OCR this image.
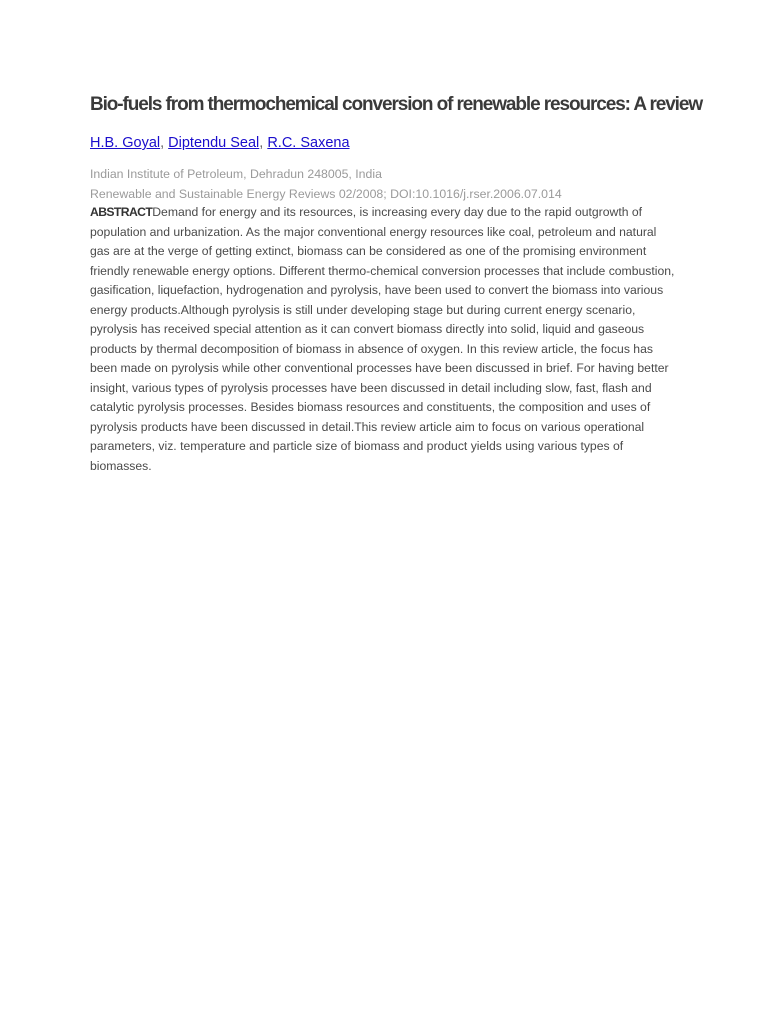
Bio-fuels from thermochemical conversion of renewable resources: A review
H.B. Goyal, Diptendu Seal, R.C. Saxena
Indian Institute of Petroleum, Dehradun 248005, India
Renewable and Sustainable Energy Reviews 02/2008; DOI:10.1016/j.rser.2006.07.014

ABSTRACTDemand for energy and its resources, is increasing every day due to the rapid outgrowth of population and urbanization. As the major conventional energy resources like coal, petroleum and natural gas are at the verge of getting extinct, biomass can be considered as one of the promising environment friendly renewable energy options. Different thermo-chemical conversion processes that include combustion, gasification, liquefaction, hydrogenation and pyrolysis, have been used to convert the biomass into various energy products.Although pyrolysis is still under developing stage but during current energy scenario, pyrolysis has received special attention as it can convert biomass directly into solid, liquid and gaseous products by thermal decomposition of biomass in absence of oxygen. In this review article, the focus has been made on pyrolysis while other conventional processes have been discussed in brief. For having better insight, various types of pyrolysis processes have been discussed in detail including slow, fast, flash and catalytic pyrolysis processes. Besides biomass resources and constituents, the composition and uses of pyrolysis products have been discussed in detail.This review article aim to focus on various operational parameters, viz. temperature and particle size of biomass and product yields using various types of biomasses.
